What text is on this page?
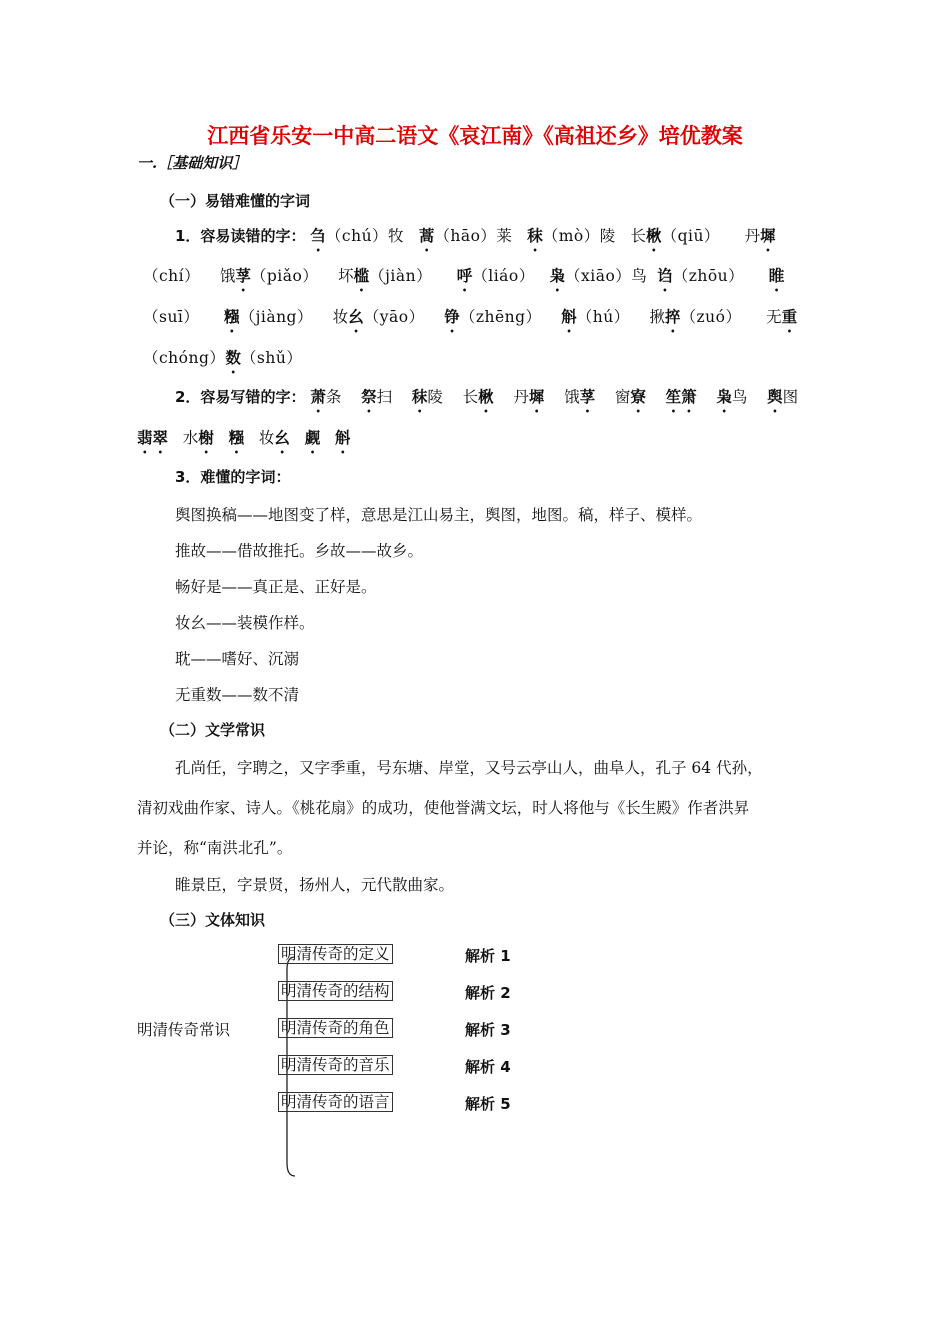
江西省乐安一中高二语文《哀江南》《高祖还乡》培优教案
一.［基础知识］
（一）易错难懂的字词
1．容易读错的字： 刍（chú）牧 蒿（hāo）莱 秣（mò）陵 长楸（qiū） 丹墀
（chí） 饿莩（piǎo） 坏槛（jiàn） 呼（liáo） 枭（xiāo）鸟 诌（zhōu） 睢
（suī） 糨（jiàng） 妆幺（yāo） 铮（zhēng） 斛（hú） 揪捽（zuó） 无重
（chóng）数（shǔ）
2．容易写错的字： 萧条 祭扫 秣陵 长楸 丹墀 饿莩 窗寮 笙箫 枭鸟 舆图
翡翠 水榭 糨 妆幺 觑 斛
3．难懂的字词：
舆图换稿——地图变了样，意思是江山易主，舆图，地图。稿，样子、模样。
推故——借故推托。乡故——故乡。
畅好是——真正是、正好是。
妆幺——装模作样。
耽——嗜好、沉溺
无重数——数不清
（二）文学常识
孔尚任，字聘之，又字季重，号东塘、岸堂，又号云亭山人，曲阜人，孔子 64 代孙，
清初戏曲作家、诗人。《桃花扇》的成功，使他誉满文坛，时人将他与《长生殿》作者洪昇
并论，称“南洪北孔”。
睢景臣，字景贤，扬州人，元代散曲家。
（三）文体知识
明清传奇常识
明清传奇的定义	解析 1
明清传奇的结构	解析 2
明清传奇的角色	解析 3
明清传奇的音乐	解析 4
明清传奇的语言	解析 5
